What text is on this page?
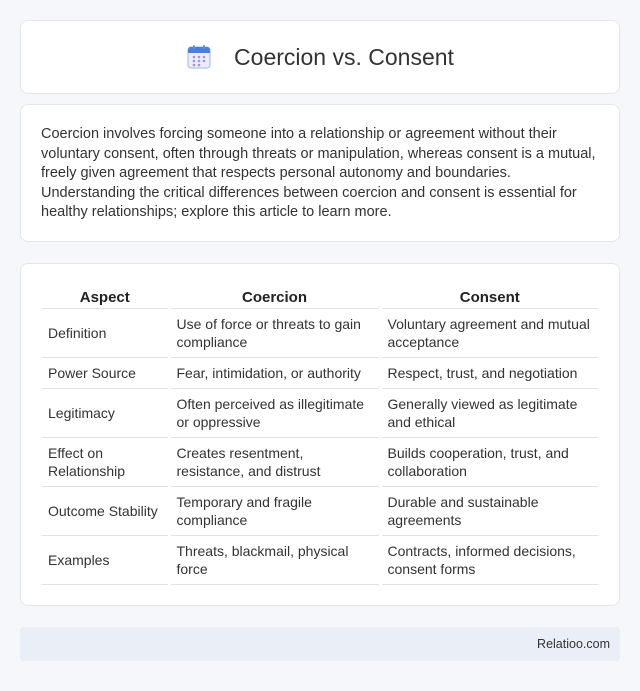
Coercion vs. Consent

Coercion involves forcing someone into a relationship or agreement without their voluntary consent, often through threats or manipulation, whereas consent is a mutual, freely given agreement that respects personal autonomy and boundaries. Understanding the critical differences between coercion and consent is essential for healthy relationships; explore this article to learn more.

Aspect	Coercion	Consent
Definition	Use of force or threats to gain compliance	Voluntary agreement and mutual acceptance
Power Source	Fear, intimidation, or authority	Respect, trust, and negotiation
Legitimacy	Often perceived as illegitimate or oppressive	Generally viewed as legitimate and ethical
Effect on Relationship	Creates resentment, resistance, and distrust	Builds cooperation, trust, and collaboration
Outcome Stability	Temporary and fragile compliance	Durable and sustainable agreements
Examples	Threats, blackmail, physical force	Contracts, informed decisions, consent forms
Relatioo.com
